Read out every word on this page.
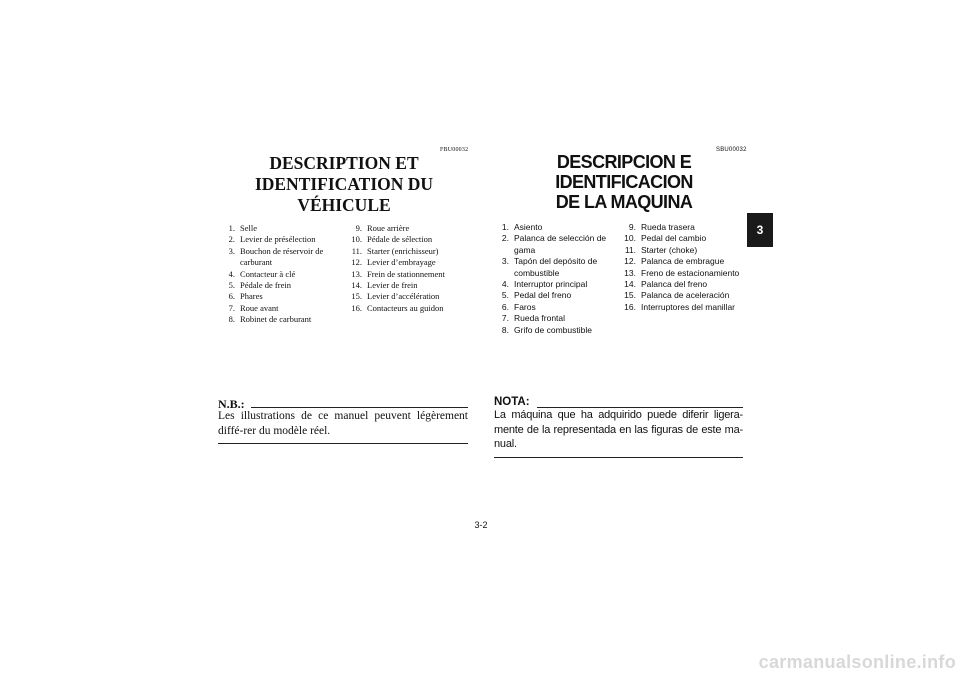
FBU00032
DESCRIPTION ET
IDENTIFICATION DU VÉHICULE
1. Selle
2. Levier de présélection
3. Bouchon de réservoir de carburant
4. Contacteur à clé
5. Pédale de frein
6. Phares
7. Roue avant
8. Robinet de carburant
9. Roue arrière
10. Pédale de sélection
11. Starter (enrichisseur)
12. Levier d’embrayage
13. Frein de stationnement
14. Levier de frein
15. Levier d’accélération
16. Contacteurs au guidon
N.B.:
Les illustrations de ce manuel peuvent légèrement diffé-rer du modèle réel.
SBU00032
DESCRIPCION E IDENTIFICACION
DE LA MAQUINA
1. Asiento
2. Palanca de selección de gama
3. Tapón del depósito de combustible
4. Interruptor principal
5. Pedal del freno
6. Faros
7. Rueda frontal
8. Grifo de combustible
9. Rueda trasera
10. Pedal del cambio
11. Starter (choke)
12. Palanca de embrague
13. Freno de estacionamiento
14. Palanca del freno
15. Palanca de aceleración
16. Interruptores del manillar
NOTA:
La máquina que ha adquirido puede diferir ligera-mente de la representada en las figuras de este ma-nual.
3
3-2
carmanualsonline.info
